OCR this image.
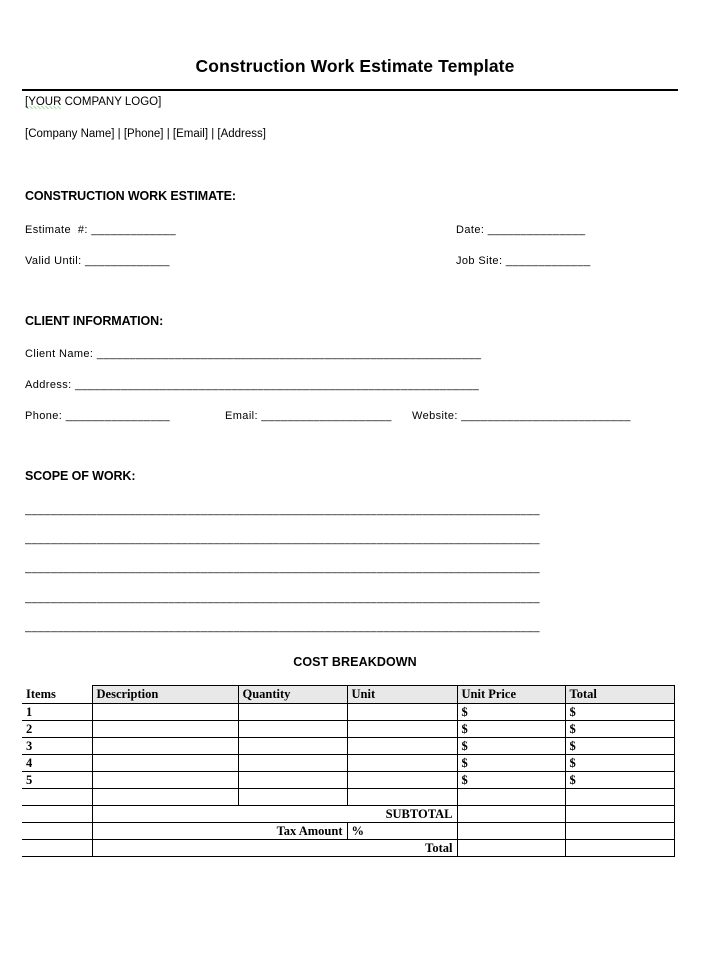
Construction Work Estimate Template
[YOUR COMPANY LOGO]
[Company Name] | [Phone] | [Email] | [Address]
CONSTRUCTION WORK ESTIMATE:
Estimate  #: _____________	Date: _______________
Valid Until: _____________	Job Site: _____________
CLIENT INFORMATION:
Client Name: ___________________________________________________________
Address: ______________________________________________________________
Phone: ________________	Email: ____________________ Website: __________________________
SCOPE OF WORK:
_______________________________________________________________________________
_______________________________________________________________________________
_______________________________________________________________________________
_______________________________________________________________________________
_______________________________________________________________________________
COST BREAKDOWN
Items	Description	Quantity	Unit	Unit Price	Total
1				$	$
2				$	$
3				$	$
4				$	$
5				$	$

	SUBTOTAL				
	Tax Amount		%		
	Total				
